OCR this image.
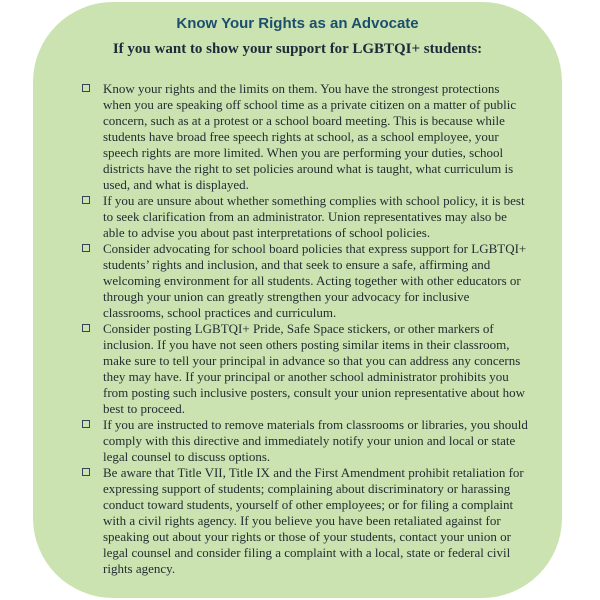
Know Your Rights as an Advocate
If you want to show your support for LGBTQI+ students:
Know your rights and the limits on them. You have the strongest protections when you are speaking off school time as a private citizen on a matter of public concern, such as at a protest or a school board meeting. This is because while students have broad free speech rights at school, as a school employee, your speech rights are more limited. When you are performing your duties, school districts have the right to set policies around what is taught, what curriculum is used, and what is displayed.
If you are unsure about whether something complies with school policy, it is best to seek clarification from an administrator. Union representatives may also be able to advise you about past interpretations of school policies.
Consider advocating for school board policies that express support for LGBTQI+ students’ rights and inclusion, and that seek to ensure a safe, affirming and welcoming environment for all students. Acting together with other educators or through your union can greatly strengthen your advocacy for inclusive classrooms, school practices and curriculum.
Consider posting LGBTQI+ Pride, Safe Space stickers, or other markers of inclusion. If you have not seen others posting similar items in their classroom, make sure to tell your principal in advance so that you can address any concerns they may have. If your principal or another school administrator prohibits you from posting such inclusive posters, consult your union representative about how best to proceed.
If you are instructed to remove materials from classrooms or libraries, you should comply with this directive and immediately notify your union and local or state legal counsel to discuss options.
Be aware that Title VII, Title IX and the First Amendment prohibit retaliation for expressing support of students; complaining about discriminatory or harassing conduct toward students, yourself of other employees; or for filing a complaint with a civil rights agency. If you believe you have been retaliated against for speaking out about your rights or those of your students, contact your union or legal counsel and consider filing a complaint with a local, state or federal civil rights agency.
